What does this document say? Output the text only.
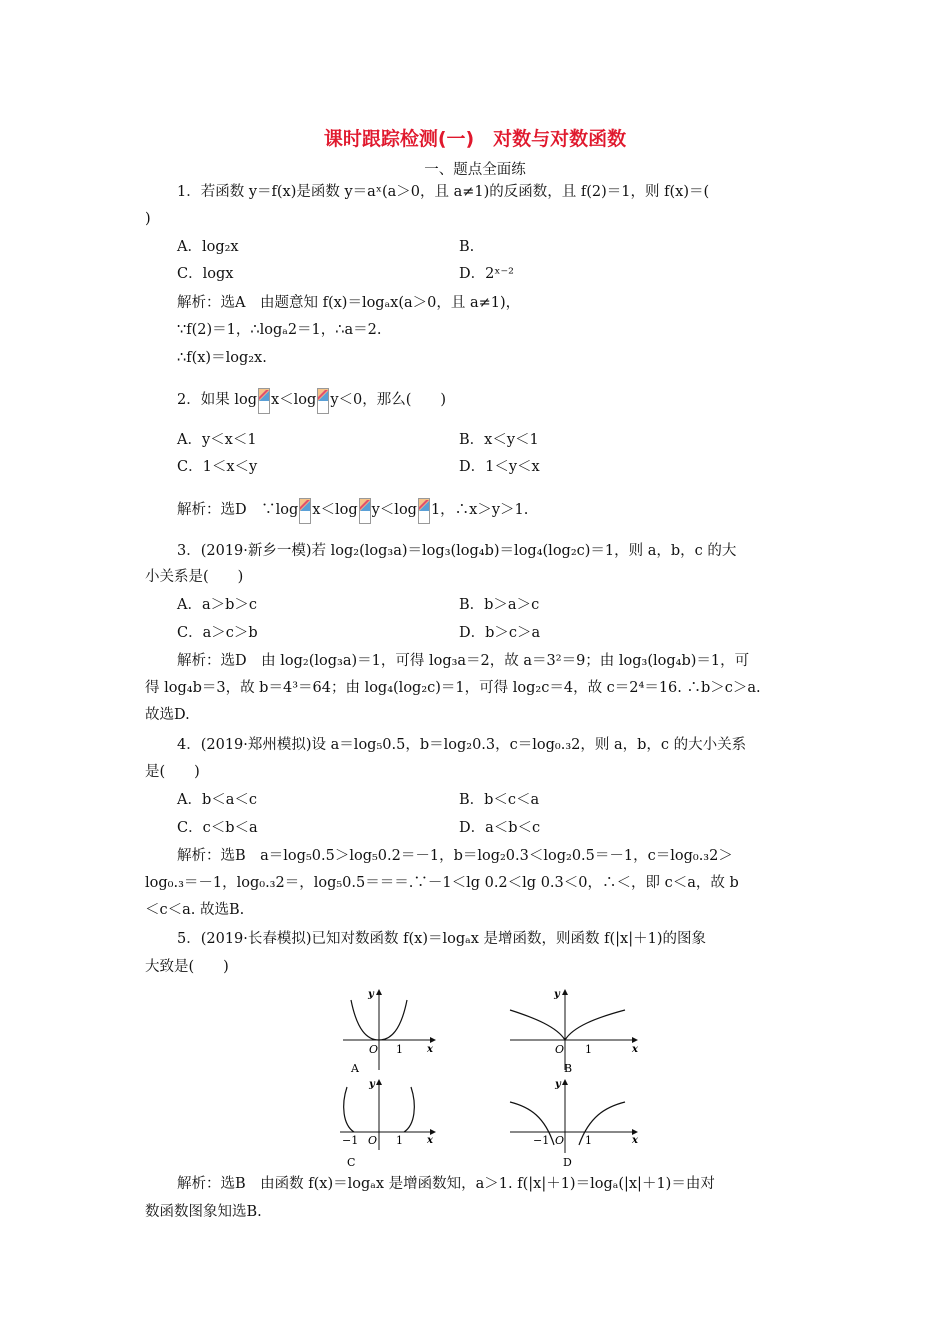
课时跟踪检测(一)　对数与对数函数
一、题点全面练
1．若函数 y＝f(x)是函数 y＝aˣ(a＞0，且 a≠1)的反函数，且 f(2)＝1，则 f(x)＝(
)
A．log₂x	B.
C．logx	D．2ˣ⁻²
解析：选A　由题意知 f(x)＝logₐx(a＞0，且 a≠1)，
∵f(2)＝1，∴logₐ2＝1，∴a＝2.
∴f(x)＝log₂x.
2．如果 log x＜log y＜0，那么(　　)
A．y＜x＜1	B．x＜y＜1
C．1＜x＜y	D．1＜y＜x
解析：选D　∵log x＜log y＜log 1，∴x＞y＞1.
3．(2019·新乡一模)若 log₂(log₃a)＝log₃(log₄b)＝log₄(log₂c)＝1，则 a，b，c 的大
小关系是(　　)
A．a＞b＞c	B．b＞a＞c
C．a＞c＞b	D．b＞c＞a
解析：选D　由 log₂(log₃a)＝1，可得 log₃a＝2，故 a＝3²＝9；由 log₃(log₄b)＝1，可
得 log₄b＝3，故 b＝4³＝64；由 log₄(log₂c)＝1，可得 log₂c＝4，故 c＝2⁴＝16. ∴b＞c＞a.
故选D.
4．(2019·郑州模拟)设 a＝log₅0.5，b＝log₂0.3，c＝log₀.₃2，则 a，b，c 的大小关系
是(　　)
A．b＜a＜c	B．b＜c＜a
C．c＜b＜a	D．a＜b＜c
解析：选B　a＝log₅0.5＞log₅0.2＝－1，b＝log₂0.3＜log₂0.5＝－1，c＝log₀.₃2＞
log₀.₃＝－1，log₀.₃2＝，log₅0.5＝＝＝.∵－1＜lg 0.2＜lg 0.3＜0，∴＜，即 c＜a，故 b
＜c＜a. 故选B.
5．(2019·长春模拟)已知对数函数 f(x)＝logₐx 是增函数，则函数 f(|x|＋1)的图象
大致是(　　)
y
x
O 1
A
y
x
O 1
B
y
x
O
−1	1
C
y
x
O
−1	1
D
解析：选B　由函数 f(x)＝logₐx 是增函数知，a＞1. f(|x|＋1)＝logₐ(|x|＋1)＝由对
数函数图象知选B.
